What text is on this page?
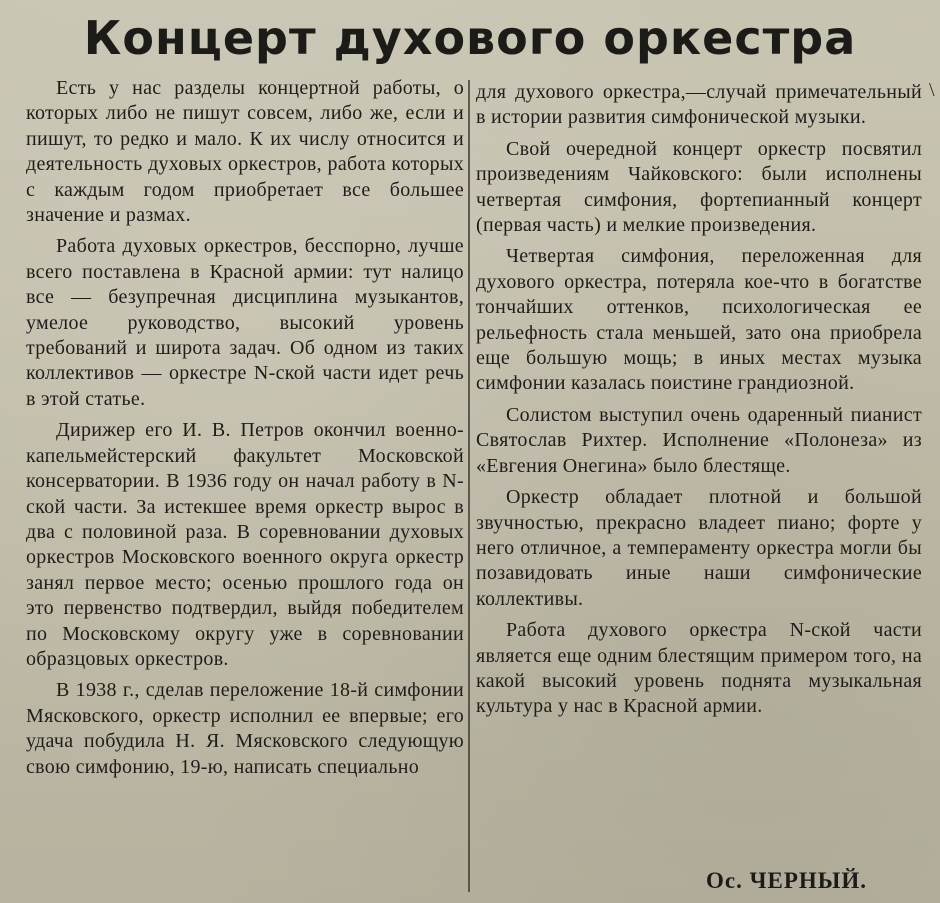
Концерт духового оркестра
\

Есть у нас разделы концертной работы, о которых либо не пишут совсем, либо же, если и пишут, то редко и мало. К их числу относится и деятельность духовых оркестров, работа которых с каждым годом приобретает все большее значение и размах.

Работа духовых оркестров, бесспорно, лучше всего поставлена в Красной армии: тут налицо все — безупречная дисциплина музыкантов, умелое руководство, высокий уровень требований и широта задач. Об одном из таких коллективов — оркестре N-ской части идет речь в этой статье.

Дирижер его И. В. Петров окончил военно-капельмейстерский факультет Московской консерватории. В 1936 году он начал работу в N-ской части. За истекшее время оркестр вырос в два с половиной раза. В соревновании духовых оркестров Московского военного округа оркестр занял первое место; осенью прошлого года он это первенство подтвердил, выйдя победителем по Московскому округу уже в соревновании образцовых оркестров.

В 1938 г., сделав переложение 18-й симфонии Мясковского, оркестр исполнил ее впервые; его удача побудила Н. Я. Мясковского следующую свою симфонию, 19-ю, написать специально

для духового оркестра,—случай примечательный в истории развития симфонической музыки.

Свой очередной концерт оркестр посвятил произведениям Чайковского: были исполнены четвертая симфония, фортепианный концерт (первая часть) и мелкие произведения.

Четвертая симфония, переложенная для духового оркестра, потеряла кое-что в богатстве тончайших оттенков, психологическая ее рельефность стала меньшей, зато она приобрела еще большую мощь; в иных местах музыка симфонии казалась поистине грандиозной.

Солистом выступил очень одаренный пианист Святослав Рихтер. Исполнение «Полонеза» из «Евгения Онегина» было блестяще.

Оркестр обладает плотной и большой звучностью, прекрасно владеет пиано; форте у него отличное, а темпераменту оркестра могли бы позавидовать иные наши симфонические коллективы.

Работа духового оркестра N-ской части является еще одним блестящим примером того, на какой высокий уровень поднята музыкальная культура у нас в Красной армии.

Ос. ЧЕРНЫЙ.
